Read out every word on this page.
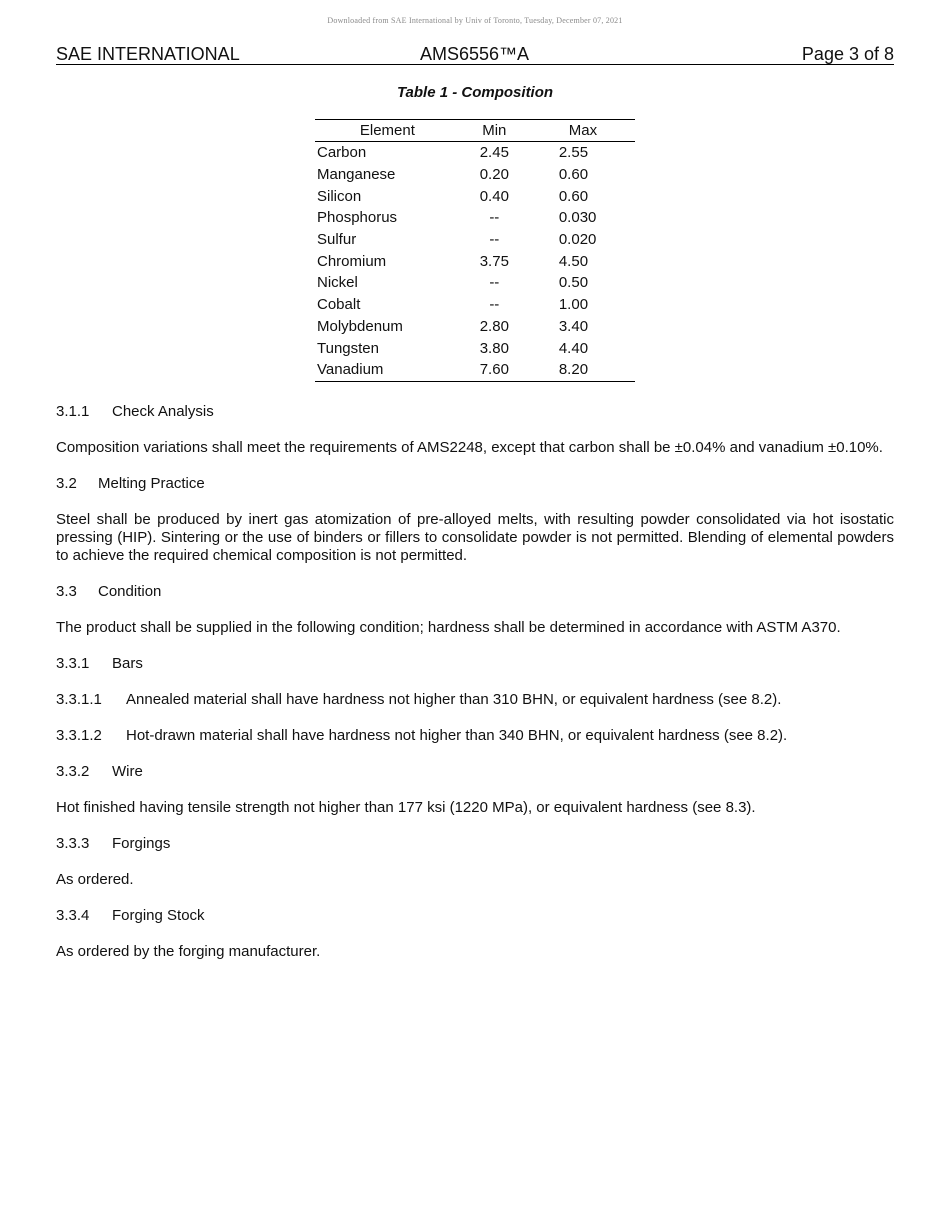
Downloaded from SAE International by Univ of Toronto, Tuesday, December 07, 2021
SAE INTERNATIONAL	AMS6556™A	Page 3 of 8
Table 1 - Composition
Element	Min	Max
Carbon	2.45	2.55
Manganese	0.20	0.60
Silicon	0.40	0.60
Phosphorus	--	0.030
Sulfur	--	0.020
Chromium	3.75	4.50
Nickel	--	0.50
Cobalt	--	1.00
Molybdenum	2.80	3.40
Tungsten	3.80	4.40
Vanadium	7.60	8.20

3.1.1 Check Analysis

Composition variations shall meet the requirements of AMS2248, except that carbon shall be ±0.04% and vanadium ±0.10%.

3.2 Melting Practice

Steel shall be produced by inert gas atomization of pre-alloyed melts, with resulting powder consolidated via hot isostatic pressing (HIP). Sintering or the use of binders or fillers to consolidate powder is not permitted. Blending of elemental powders to achieve the required chemical composition is not permitted.

3.3 Condition

The product shall be supplied in the following condition; hardness shall be determined in accordance with ASTM A370.

3.3.1 Bars

3.3.1.1 Annealed material shall have hardness not higher than 310 BHN, or equivalent hardness (see 8.2).

3.3.1.2 Hot-drawn material shall have hardness not higher than 340 BHN, or equivalent hardness (see 8.2).

3.3.2 Wire

Hot finished having tensile strength not higher than 177 ksi (1220 MPa), or equivalent hardness (see 8.3).

3.3.3 Forgings

As ordered.

3.3.4 Forging Stock

As ordered by the forging manufacturer.
